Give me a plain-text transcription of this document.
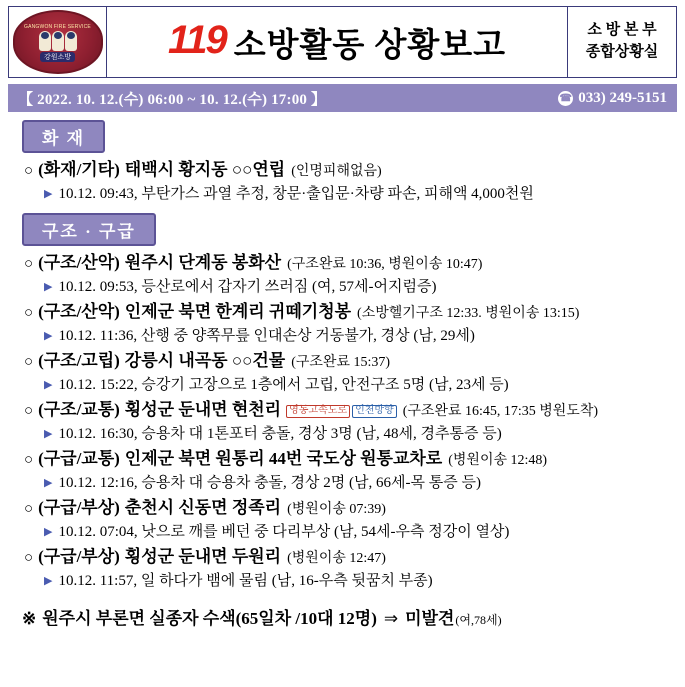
GANGWON FIRE SERVICE
강원소방 119 소방활동 상황보고	소 방 본 부
종합상황실
【 2022. 10. 12.(수) 06:00 ~ 10. 12.(수) 17:00 】	☎ 033) 249-5151
화 재
○ (화재/기타) 태백시 황지동 ○○연립 (인명피해없음)
▶ 10.12. 09:43, 부탄가스 과열 추정, 창문·출입문·차량 파손, 피해액 4,000천원
구조 · 구급
○ (구조/산악) 원주시 단계동 봉화산 (구조완료 10:36, 병원이송 10:47)
▶ 10.12. 09:53, 등산로에서 갑자기 쓰러짐 (여, 57세-어지럼증)
○ (구조/산악) 인제군 북면 한계리 귀떼기청봉 (소방헬기구조 12:33. 병원이송 13:15)
▶ 10.12. 11:36, 산행 중 양쪽무릎 인대손상 거동불가, 경상 (남, 29세)
○ (구조/고립) 강릉시 내곡동 ○○건물 (구조완료 15:37)
▶ 10.12. 15:22, 승강기 고장으로 1층에서 고립, 안전구조 5명 (남, 23세 등)
○ (구조/교통) 횡성군 둔내면 현천리 영동고속도로 인천방향 (구조완료 16:45, 17:35 병원도착)
▶ 10.12. 16:30, 승용차 대 1톤포터 충돌, 경상 3명 (남, 48세, 경추통증 등)
○ (구급/교통) 인제군 북면 원통리 44번 국도상 원통교차로 (병원이송 12:48)
▶ 10.12. 12:16, 승용차 대 승용차 충돌, 경상 2명 (남, 66세-목 통증 등)
○ (구급/부상) 춘천시 신동면 정족리 (병원이송 07:39)
▶ 10.12. 07:04, 낫으로 깨를 베던 중 다리부상 (남, 54세-우측 정강이 열상)
○ (구급/부상) 횡성군 둔내면 두원리 (병원이송 12:47)
▶ 10.12. 11:57, 일 하다가 뱀에 물림 (남, 16-우측 뒷꿈치 부종)
※ 원주시 부론면 실종자 수색(65일차 /10대 12명) ⇒ 미발견 (여,78세)
